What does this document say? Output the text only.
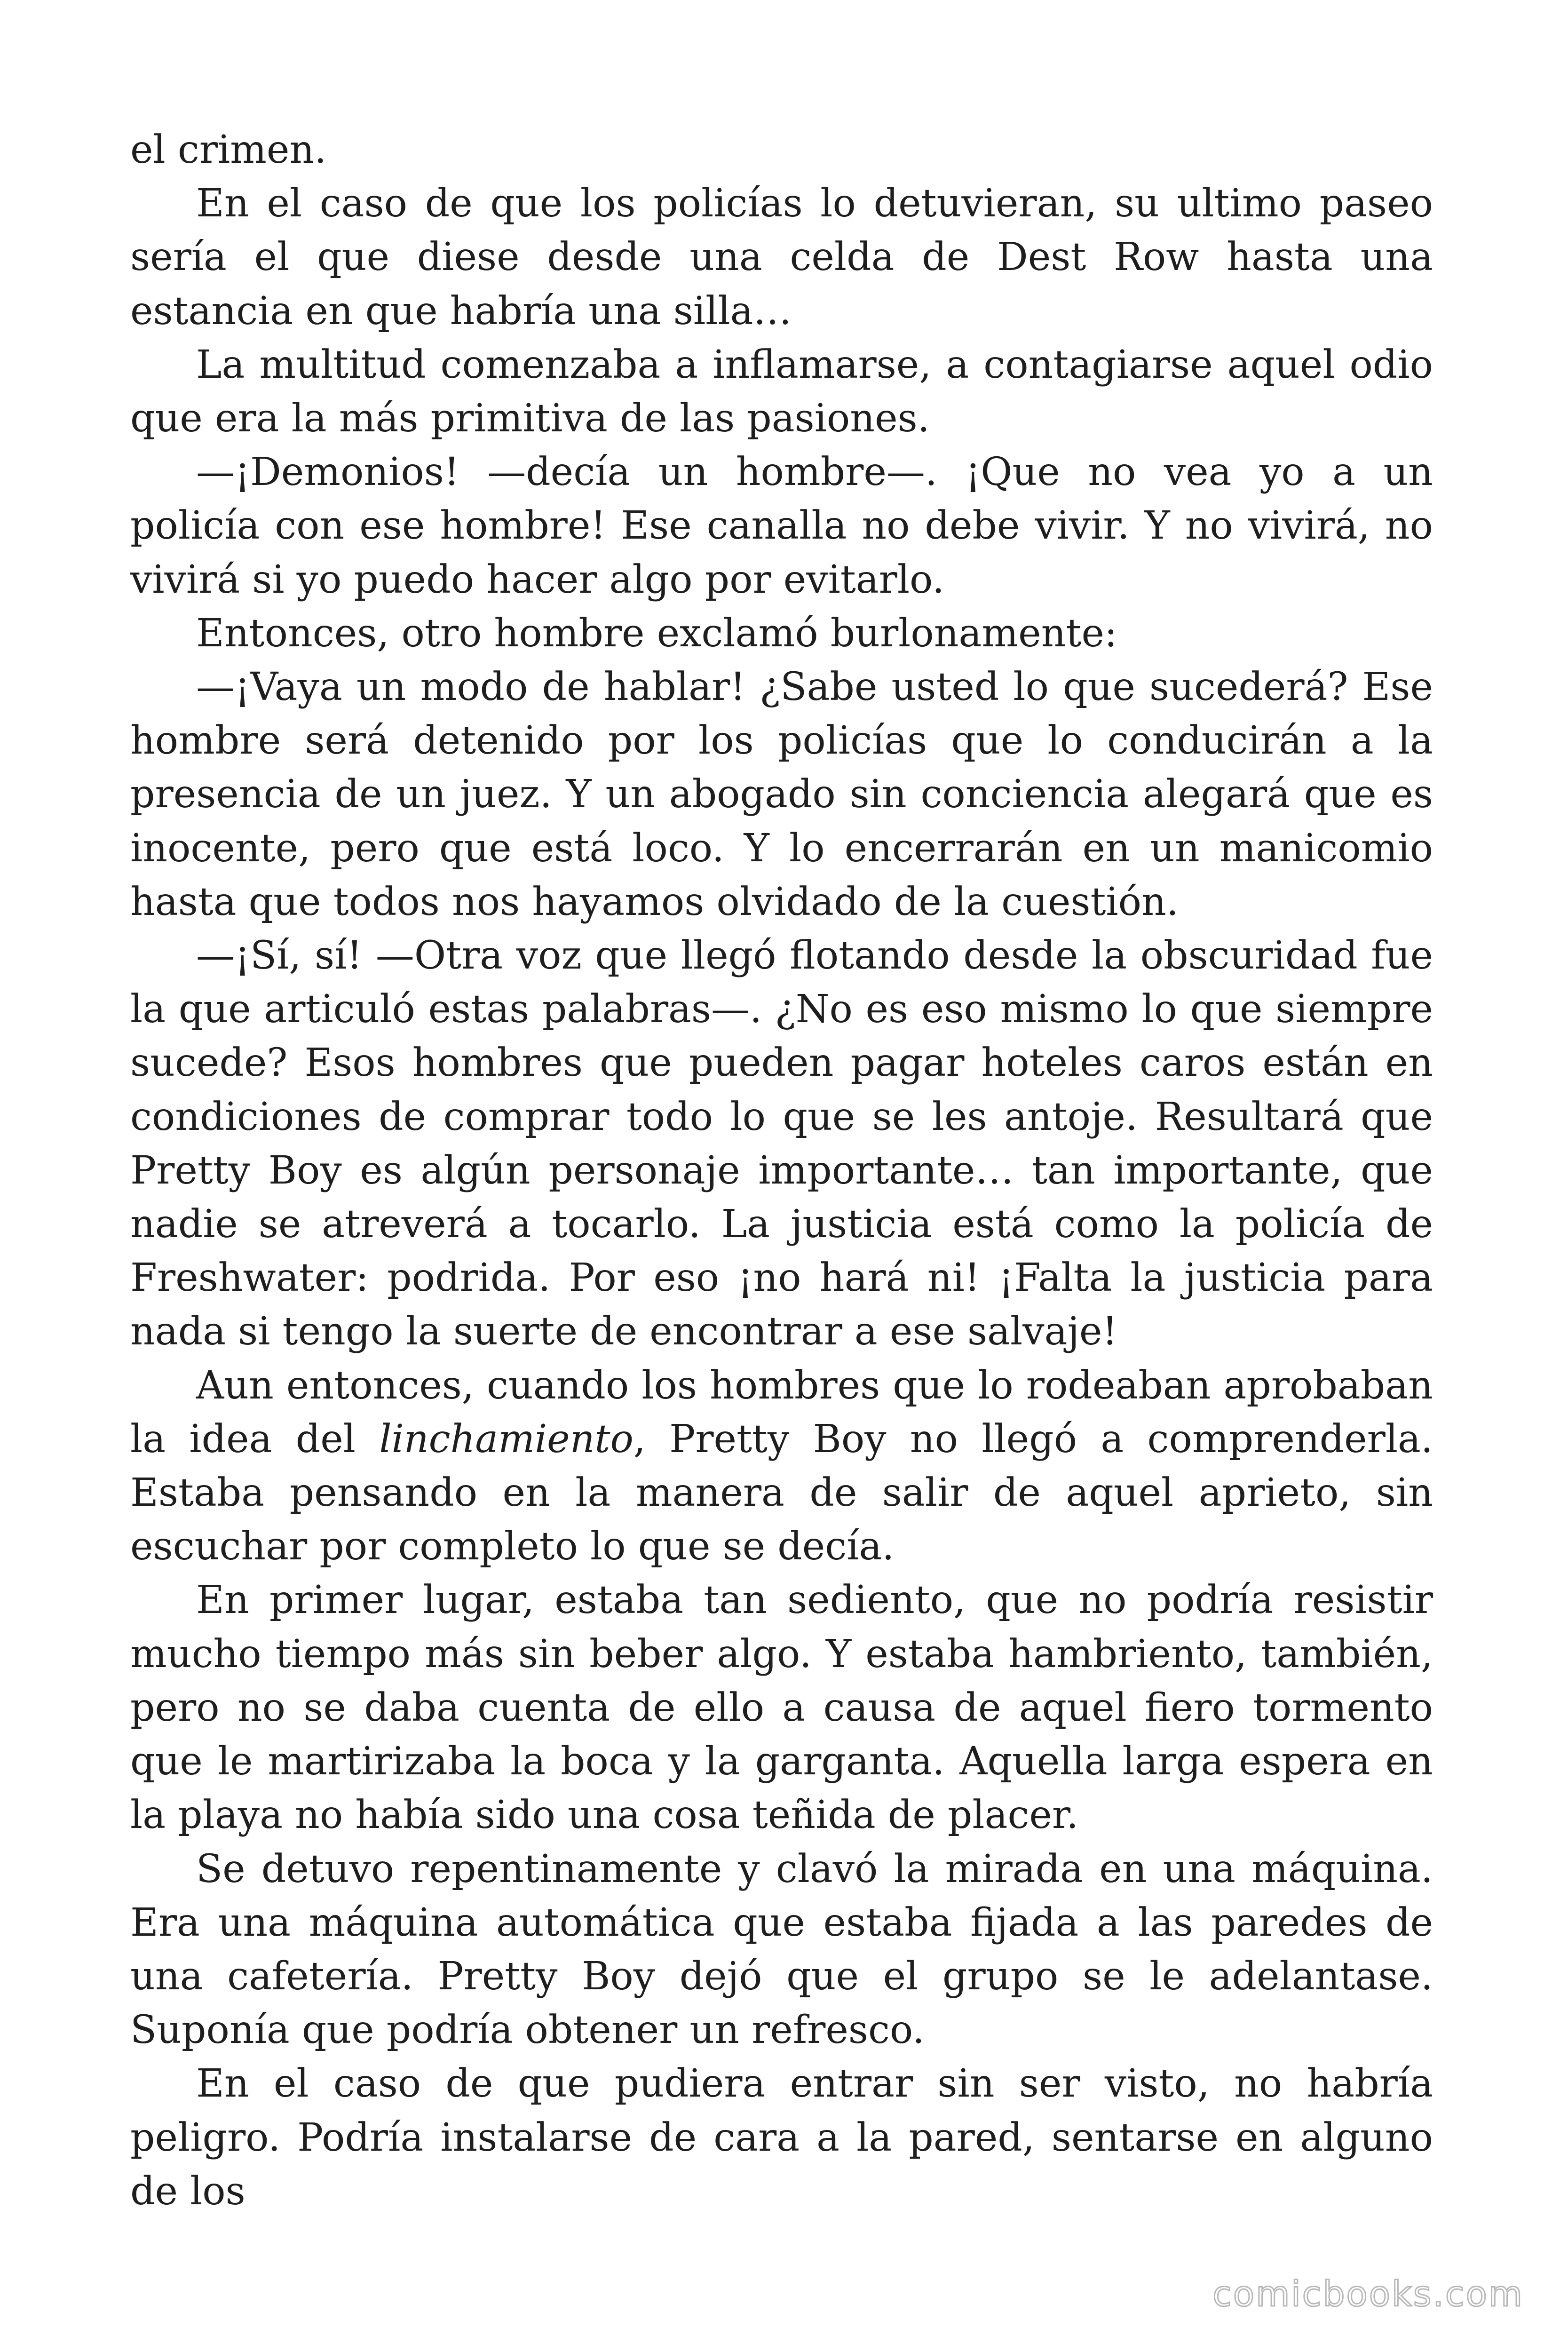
el crimen.

En el caso de que los policías lo detuvieran, su ultimo paseo sería el que diese desde una celda de Dest Row hasta una estancia en que habría una silla…

La multitud comenzaba a inflamarse, a contagiarse aquel odio que era la más primitiva de las pasiones.

—¡Demonios! —decía un hombre—. ¡Que no vea yo a un policía con ese hombre! Ese canalla no debe vivir. Y no vivirá, no vivirá si yo puedo hacer algo por evitarlo.

Entonces, otro hombre exclamó burlonamente:

—¡Vaya un modo de hablar! ¿Sabe usted lo que sucederá? Ese hombre será detenido por los policías que lo conducirán a la presencia de un juez. Y un abogado sin conciencia alegará que es inocente, pero que está loco. Y lo encerrarán en un manicomio hasta que todos nos hayamos olvidado de la cuestión.

—¡Sí, sí! —Otra voz que llegó flotando desde la obscuridad fue la que articuló estas palabras—. ¿No es eso mismo lo que siempre sucede? Esos hombres que pueden pagar hoteles caros están en condiciones de comprar todo lo que se les antoje. Resultará que Pretty Boy es algún personaje importante… tan importante, que nadie se atreverá a tocarlo. La justicia está como la policía de Freshwater: podrida. Por eso ¡no hará ni! ¡Falta la justicia para nada si tengo la suerte de encontrar a ese salvaje!

Aun entonces, cuando los hombres que lo rodeaban aprobaban la idea del linchamiento, Pretty Boy no llegó a comprenderla. Estaba pensando en la manera de salir de aquel aprieto, sin escuchar por completo lo que se decía.

En primer lugar, estaba tan sediento, que no podría resistir mucho tiempo más sin beber algo. Y estaba hambriento, también, pero no se daba cuenta de ello a causa de aquel fiero tormento que le martirizaba la boca y la garganta. Aquella larga espera en la playa no había sido una cosa teñida de placer.

Se detuvo repentinamente y clavó la mirada en una máquina. Era una máquina automática que estaba fijada a las paredes de una cafetería. Pretty Boy dejó que el grupo se le adelantase. Suponía que podría obtener un refresco.

En el caso de que pudiera entrar sin ser visto, no habría peligro. Podría instalarse de cara a la pared, sentarse en alguno de los

comicbooks.com
